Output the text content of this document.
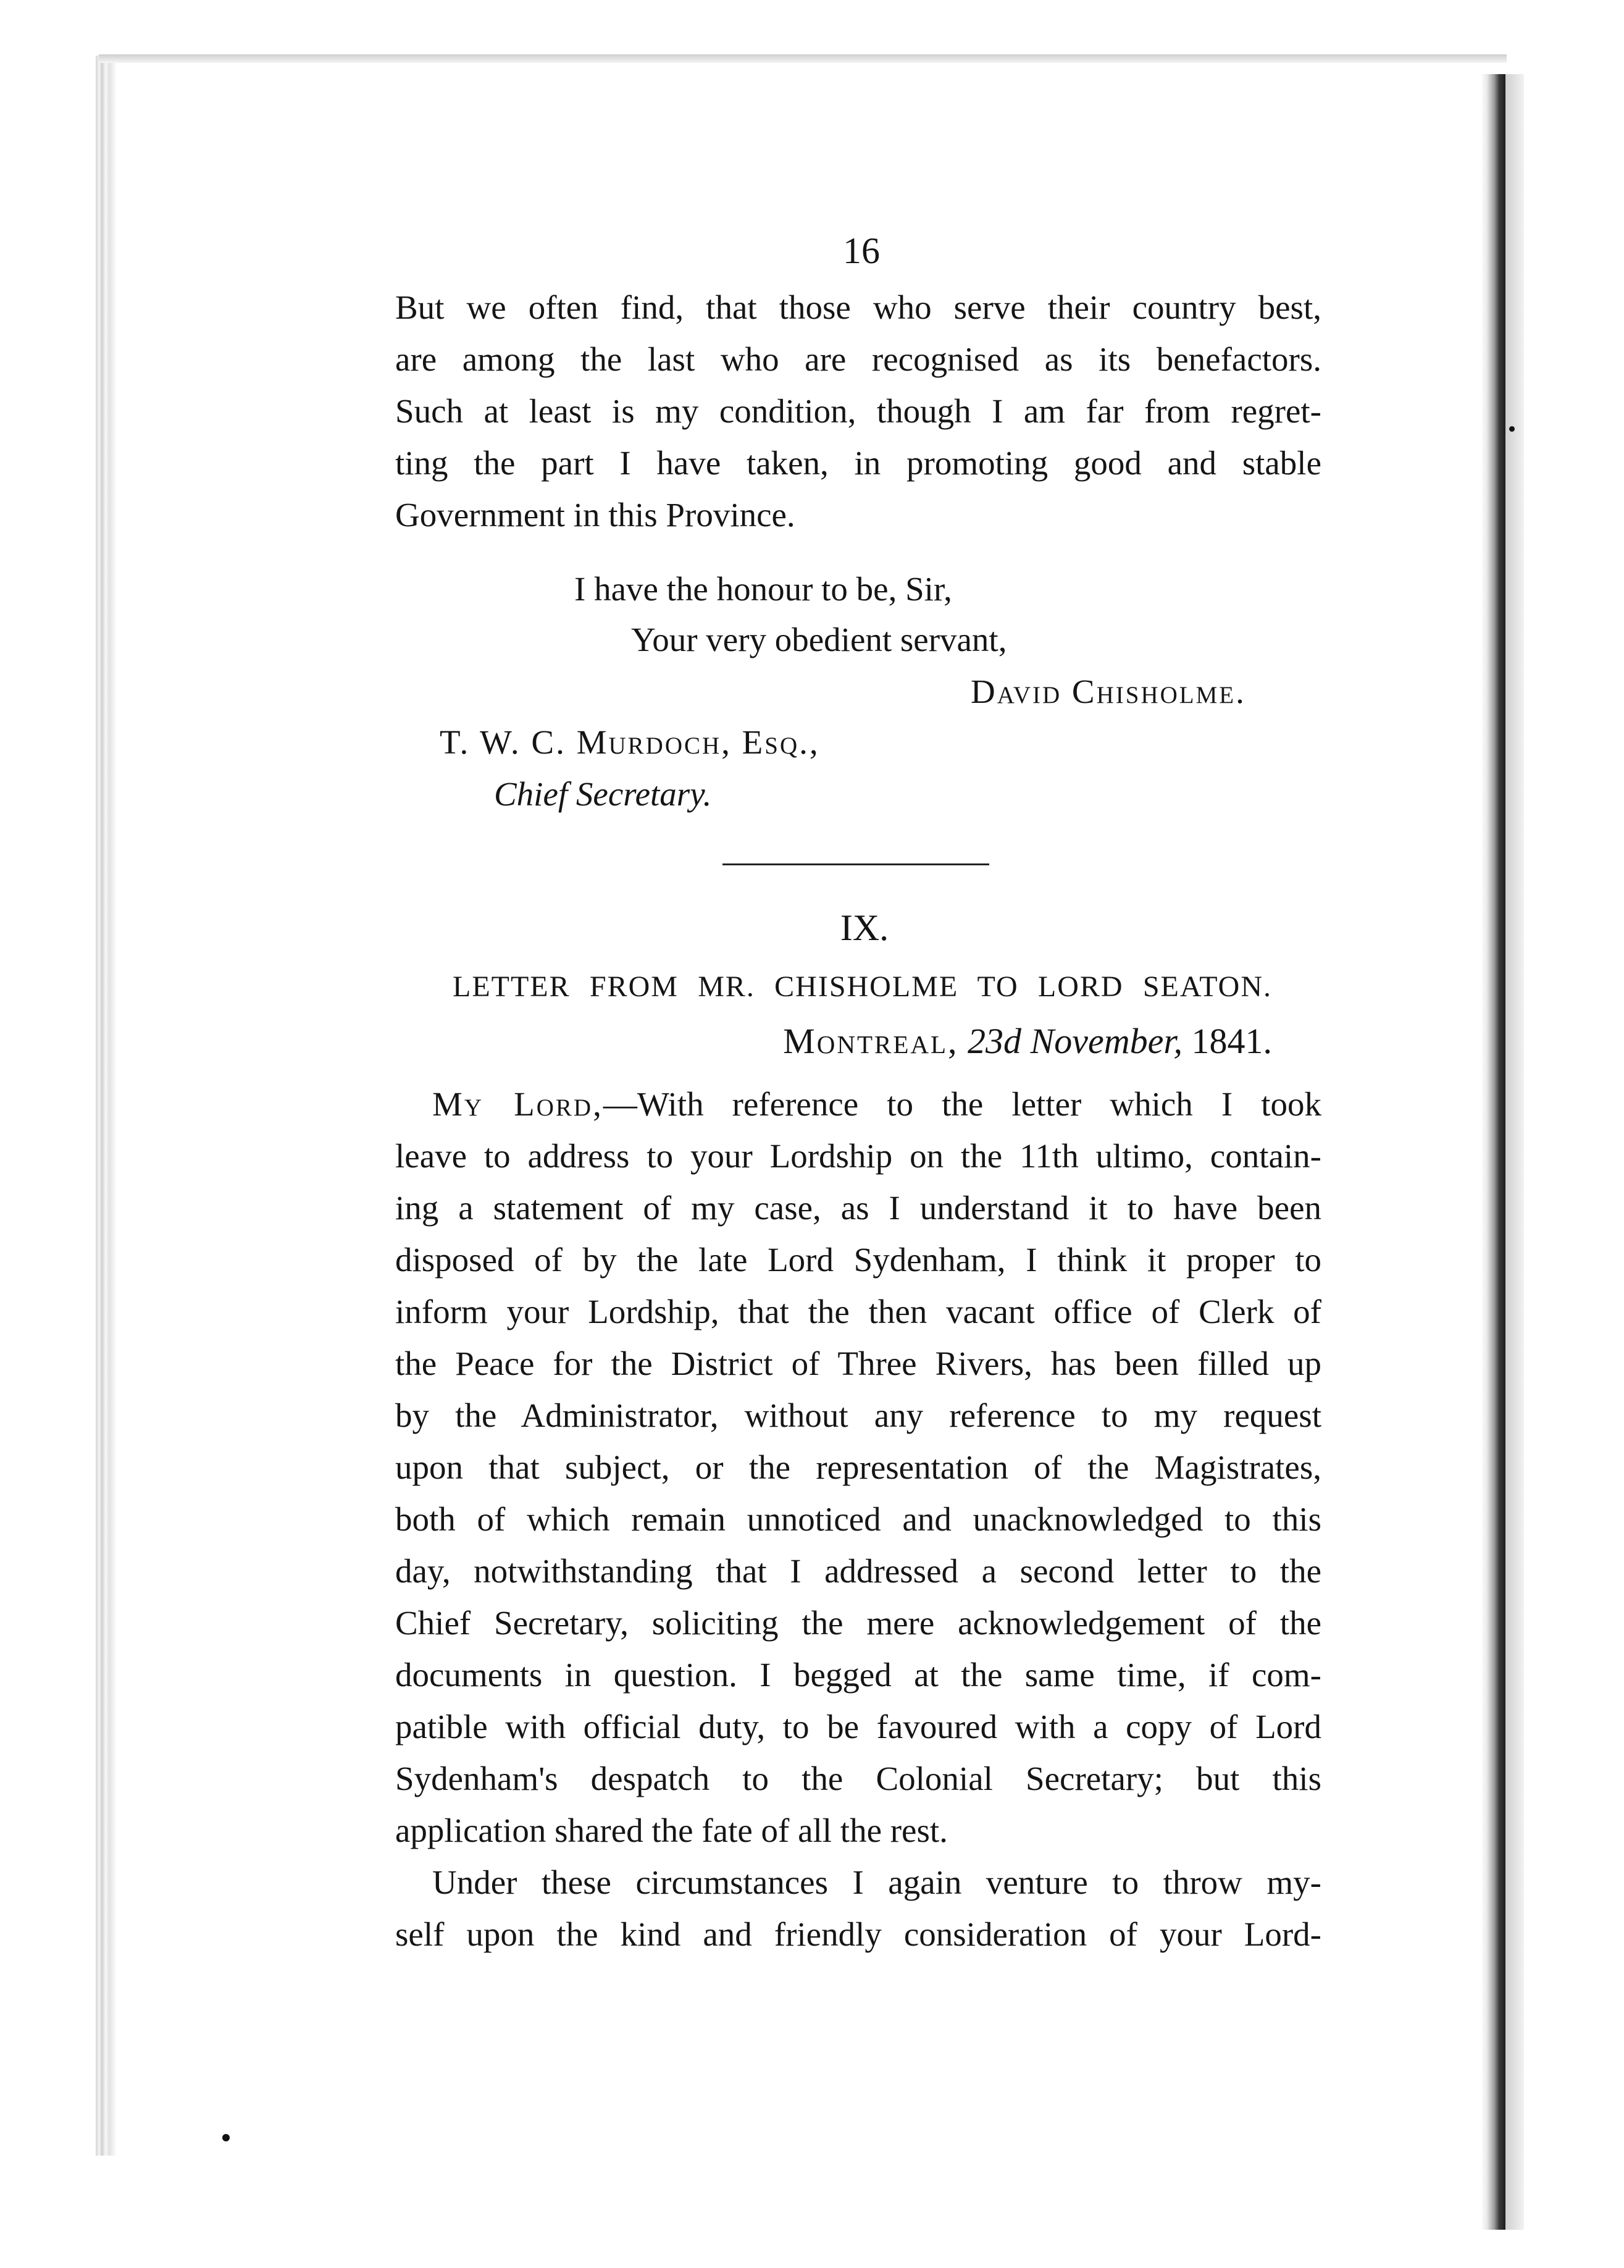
16
But we often find, that those who serve their country best,
are among the last who are recognised as its benefactors.
Such at least is my condition, though I am far from regret-
ting the part I have taken, in promoting good and stable
Government in this Province.
I have the honour to be, Sir,
Your very obedient servant,
David Chisholme.
T. W. C. Murdoch, Esq.,
Chief Secretary.
IX.
LETTER FROM MR. CHISHOLME TO LORD SEATON.
Montreal, 23d November, 1841.
My Lord,—With reference to the letter which I took
leave to address to your Lordship on the 11th ultimo, contain-
ing a statement of my case, as I understand it to have been
disposed of by the late Lord Sydenham, I think it proper to
inform your Lordship, that the then vacant office of Clerk of
the Peace for the District of Three Rivers, has been filled up
by the Administrator, without any reference to my request
upon that subject, or the representation of the Magistrates,
both of which remain unnoticed and unacknowledged to this
day, notwithstanding that I addressed a second letter to the
Chief Secretary, soliciting the mere acknowledgement of the
documents in question. I begged at the same time, if com-
patible with official duty, to be favoured with a copy of Lord
Sydenham's despatch to the Colonial Secretary; but this
application shared the fate of all the rest.
Under these circumstances I again venture to throw my-
self upon the kind and friendly consideration of your Lord-
